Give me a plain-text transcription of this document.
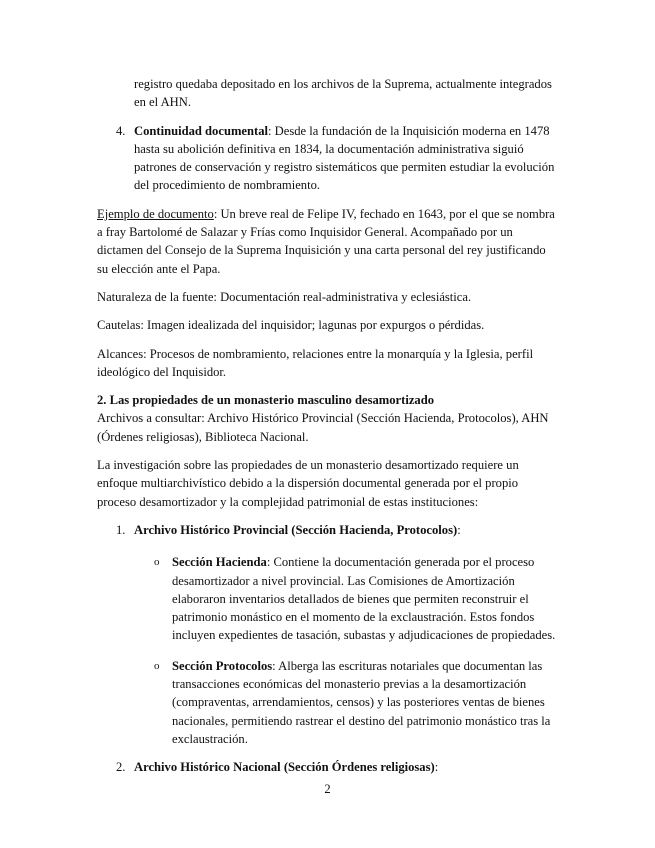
registro quedaba depositado en los archivos de la Suprema, actualmente integrados en el AHN.

4. Continuidad documental: Desde la fundación de la Inquisición moderna en 1478 hasta su abolición definitiva en 1834, la documentación administrativa siguió patrones de conservación y registro sistemáticos que permiten estudiar la evolución del procedimiento de nombramiento.

Ejemplo de documento: Un breve real de Felipe IV, fechado en 1643, por el que se nombra a fray Bartolomé de Salazar y Frías como Inquisidor General. Acompañado por un dictamen del Consejo de la Suprema Inquisición y una carta personal del rey justificando su elección ante el Papa.

Naturaleza de la fuente: Documentación real-administrativa y eclesiástica.

Cautelas: Imagen idealizada del inquisidor; lagunas por expurgos o pérdidas.

Alcances: Procesos de nombramiento, relaciones entre la monarquía y la Iglesia, perfil ideológico del Inquisidor.

2. Las propiedades de un monasterio masculino desamortizado

Archivos a consultar: Archivo Histórico Provincial (Sección Hacienda, Protocolos), AHN (Órdenes religiosas), Biblioteca Nacional.

La investigación sobre las propiedades de un monasterio desamortizado requiere un enfoque multiarchivístico debido a la dispersión documental generada por el propio proceso desamortizador y la complejidad patrimonial de estas instituciones:

1. Archivo Histórico Provincial (Sección Hacienda, Protocolos):
o Sección Hacienda: Contiene la documentación generada por el proceso desamortizador a nivel provincial. Las Comisiones de Amortización elaboraron inventarios detallados de bienes que permiten reconstruir el patrimonio monástico en el momento de la exclaustración. Estos fondos incluyen expedientes de tasación, subastas y adjudicaciones de propiedades.
o Sección Protocolos: Alberga las escrituras notariales que documentan las transacciones económicas del monasterio previas a la desamortización (compraventas, arrendamientos, censos) y las posteriores ventas de bienes nacionales, permitiendo rastrear el destino del patrimonio monástico tras la exclaustración.
2. Archivo Histórico Nacional (Sección Órdenes religiosas):
2
